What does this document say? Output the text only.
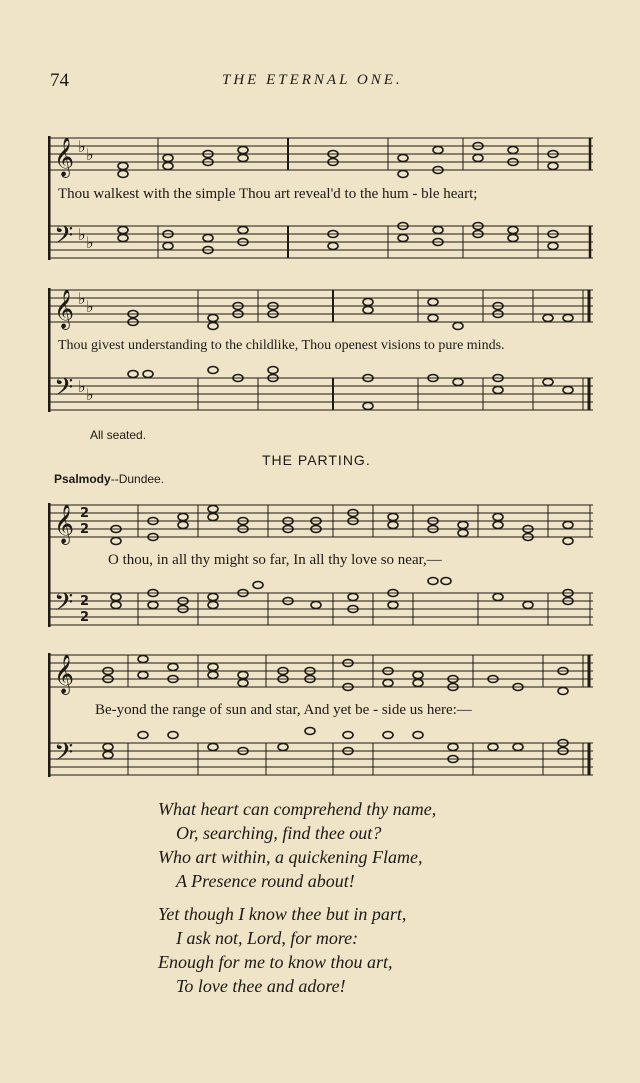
74	THE ETERNAL ONE.
𝄞 ♭ ♭
𝄢 ♭ ♭
Thou walkest with the simple Thou art reveal'd to the hum - ble heart;
𝄞 ♭ ♭
𝄢 ♭ ♭
Thou givest understanding to the childlike, Thou openest visions to pure minds.
All seated.
THE PARTING.
Psalmody--Dundee.
𝄞 2
2
𝄢 2
2
O thou, in all thy might so far, In all thy love so near,—
𝄞
𝄢
Be-yond the range of sun and star, And yet be - side us here:—
What heart can comprehend thy name,
Or, searching, find thee out?
Who art within, a quickening Flame,
A Presence round about!
Yet though I know thee but in part,
I ask not, Lord, for more:
Enough for me to know thou art,
To love thee and adore!
